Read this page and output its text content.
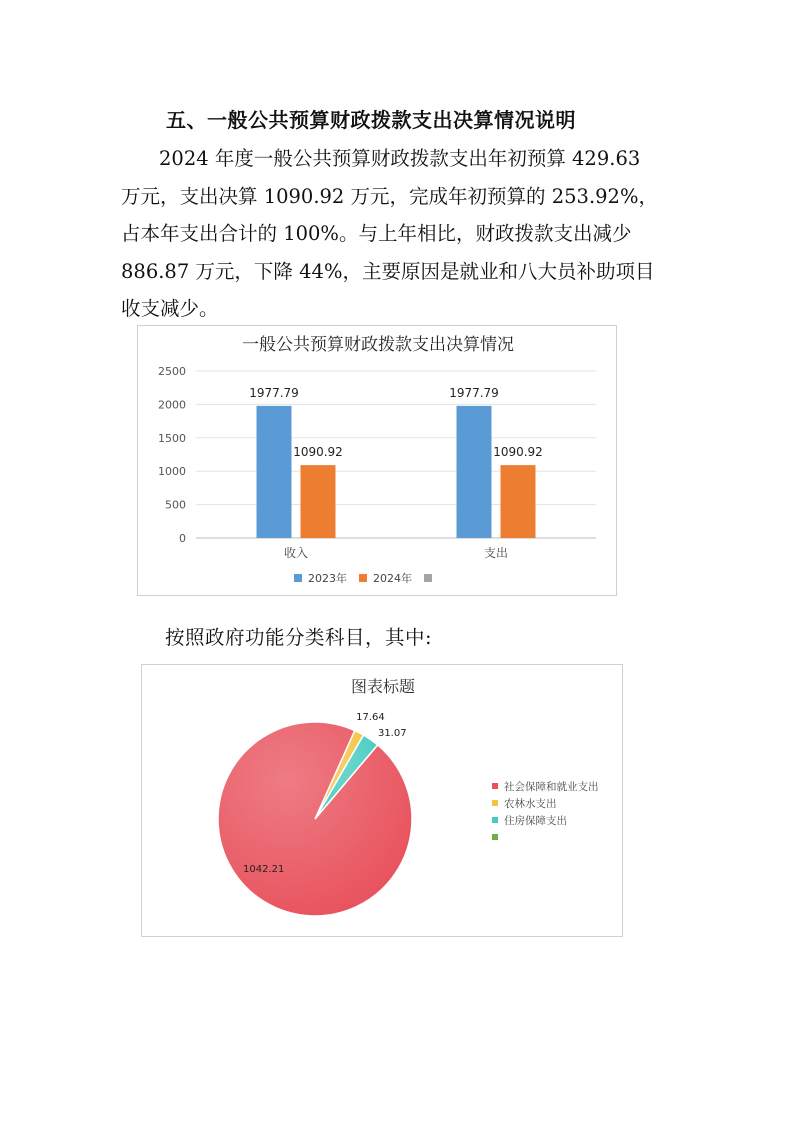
五、一般公共预算财政拨款支出决算情况说明
2024 年度一般公共预算财政拨款支出年初预算 429.63
万元，支出决算 1090.92 万元，完成年初预算的 253.92%，
占本年支出合计的 100%。与上年相比，财政拨款支出减少
886.87 万元，下降 44%，主要原因是就业和八大员补助项目
收支减少。
一般公共预算财政拨款支出决算情况
0
500
1000
1500
2000
2500
1977.79
1090.92
收入
1977.79
1090.92
支出
2023年 2024年
按照政府功能分类科目，其中:
图表标题
17.64
31.07
1042.21
社会保障和就业支出
农林水支出
住房保障支出
